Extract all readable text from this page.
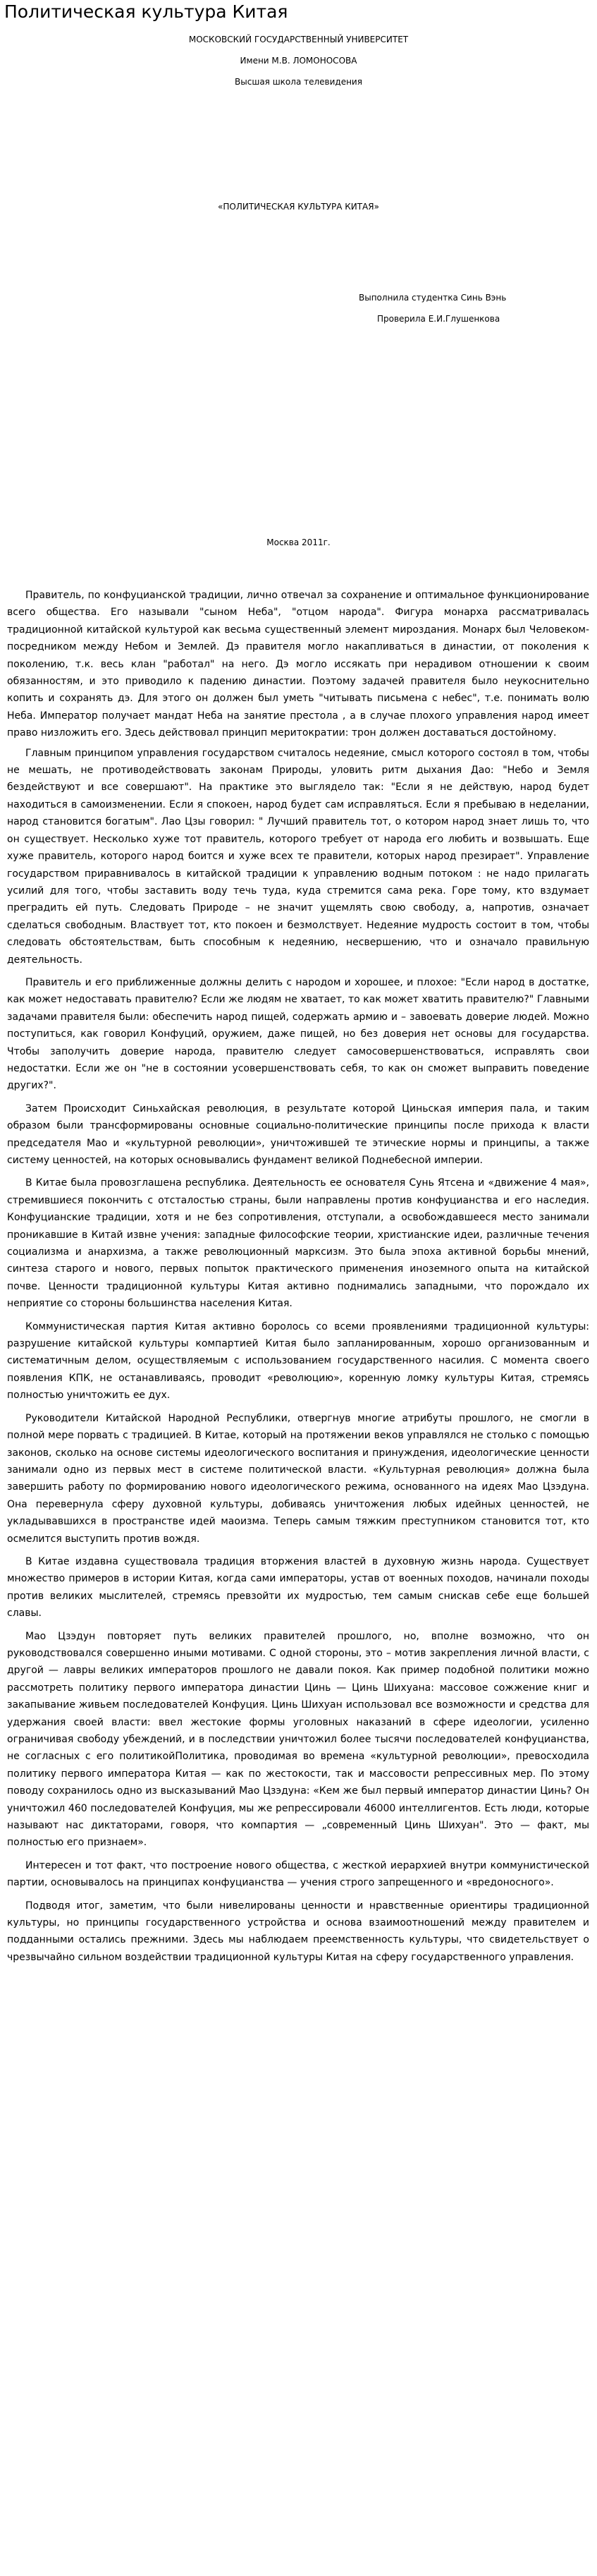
Политическая культура Китая
МОСКОВСКИЙ ГОСУДАРСТВЕННЫЙ УНИВЕРСИТЕТ
Имени М.В. ЛОМОНОСОВА
Высшая школа телевидения
«ПОЛИТИЧЕСКАЯ КУЛЬТУРА КИТАЯ»
Выполнила студентка Синь Вэнь
Проверила Е.И.Глушенкова
Москва 2011г.

Правитель, по конфуцианской традиции, лично отвечал за сохранение и оптимальное функционирование всего общества. Его называли "сыном Неба", "отцом народа". Фигура монарха рассматривалась традиционной китайской культурой как весьма существенный элемент мироздания. Монарх был Человеком-посредником между Небом и Землей. Дэ правителя могло накапливаться в династии, от поколения к поколению, т.к. весь клан "работал" на него. Дэ могло иссякать при нерадивом отношении к своим обязанностям, и это приводило к падению династии. Поэтому задачей правителя было неукоснительно копить и сохранять дэ. Для этого он должен был уметь "читывать письмена с небес", т.е. понимать волю Неба. Император получает мандат Неба на занятие престола , а в случае плохого управления народ имеет право низложить его. Здесь действовал принцип меритократии: трон должен доставаться достойному.

Главным принципом управления государством считалось недеяние, смысл которого состоял в том, чтобы не мешать, не противодействовать законам Природы, уловить ритм дыхания Дао: "Небо и Земля бездействуют и все совершают". На практике это выглядело так: "Если я не действую, народ будет находиться в самоизменении. Если я спокоен, народ будет сам исправляться. Если я пребываю в неделании, народ становится богатым". Лао Цзы говорил: " Лучший правитель тот, о котором народ знает лишь то, что он существует. Несколько хуже тот правитель, которого требует от народа его любить и возвышать. Еще хуже правитель, которого народ боится и хуже всех те правители, которых народ презирает". Управление государством приравнивалось в китайской традиции к управлению водным потоком : не надо прилагать усилий для того, чтобы заставить воду течь туда, куда стремится сама река. Горе тому, кто вздумает преградить ей путь. Следовать Природе – не значит ущемлять свою свободу, а, напротив, означает сделаться свободным. Властвует тот, кто покоен и безмолствует. Недеяние мудрость состоит в том, чтобы следовать обстоятельствам, быть способным к недеянию, несвершению, что и означало правильную деятельность.

Правитель и его приближенные должны делить с народом и хорошее, и плохое: "Если народ в достатке, как может недоставать правителю? Если же людям не хватает, то как может хватить правителю?" Главными задачами правителя были: обеспечить народ пищей, содержать армию и – завоевать доверие людей. Можно поступиться, как говорил Конфуций, оружием, даже пищей, но без доверия нет основы для государства. Чтобы заполучить доверие народа, правителю следует самосовершенствоваться, исправлять свои недостатки. Если же он "не в состоянии усовершенствовать себя, то как он сможет выправить поведение других?".

Затем Происходит Синьхайская революция, в результате которой Циньская империя пала, и таким образом были трансформированы основные социально-политические принципы после прихода к власти председателя Мао и «культурной революции», уничтожившей те этические нормы и принципы, а также систему ценностей, на которых основывались фундамент великой Поднебесной империи.

В Китае была провозглашена республика. Деятельность ее основателя Сунь Ятсена и «движение 4 мая», стремившиеся покончить с отсталостью страны, были направлены против конфуцианства и его наследия. Конфуцианские традиции, хотя и не без сопротивления, отступали, а освобождавшееся место занимали проникавшие в Китай извне учения: западные философские теории, христианские идеи, различные течения социализма и анархизма, а также революционный марксизм. Это была эпоха активной борьбы мнений, синтеза старого и нового, первых попыток практического применения иноземного опыта на китайской почве. Ценности традиционной культуры Китая активно поднимались западными, что порождало их неприятие со стороны большинства населения Китая.

Коммунистическая партия Китая активно боролось со всеми проявлениями традиционной культуры: разрушение китайской культуры компартией Китая было запланированным, хорошо организованным и систематичным делом, осуществляемым с использованием государственного насилия. С момента своего появления КПК, не останавливаясь, проводит «революцию», коренную ломку культуры Китая, стремясь полностью уничтожить ее дух.

Руководители Китайской Народной Республики, отвергнув многие атрибуты прошлого, не смогли в полной мере порвать с традицией. В Китае, который на протяжении веков управлялся не столько с помощью законов, сколько на основе системы идеологического воспитания и принуждения, идеологические ценности занимали одно из первых мест в системе политической власти. «Культурная революция» должна была завершить работу по формированию нового идеологического режима, основанного на идеях Мао Цзэдуна. Она перевернула сферу духовной культуры, добиваясь уничтожения любых идейных ценностей, не укладывавшихся в пространстве идей маоизма. Теперь самым тяжким преступником становится тот, кто осмелится выступить против вождя.

В Китае издавна существовала традиция вторжения властей в духовную жизнь народа. Существует множество примеров в истории Китая, когда сами императоры, устав от военных походов, начинали походы против великих мыслителей, стремясь превзойти их мудростью, тем самым снискав себе еще большей славы.

Мао Цзэдун повторяет путь великих правителей прошлого, но, вполне возможно, что он руководствовался совершенно иными мотивами. С одной стороны, это – мотив закрепления личной власти, с другой — лавры великих императоров прошлого не давали покоя. Как пример подобной политики можно рассмотреть политику первого императора династии Цинь — Цинь Шихуана: массовое сожжение книг и закапывание живьем последователей Конфуция. Цинь Шихуан использовал все возможности и средства для удержания своей власти: ввел жестокие формы уголовных наказаний в сфере идеологии, усиленно ограничивая свободу убеждений, и в последствии уничтожил более тысячи последователей конфуцианства, не согласных с его политикойПолитика, проводимая во времена «культурной революции», превосходила политику первого императора Китая — как по жестокости, так и массовости репрессивных мер. По этому поводу сохранилось одно из высказываний Мао Цзэдуна: «Кем же был первый император династии Цинь? Он уничтожил 460 последователей Конфуция, мы же репрессировали 46000 интеллигентов. Есть люди, которые называют нас диктаторами, говоря, что компартия — „современный Цинь Шихуан". Это — факт, мы полностью его признаем».

Интересен и тот факт, что построение нового общества, с жесткой иерархией внутри коммунистической партии, основывалось на принципах конфуцианства — учения строго запрещенного и «вредоносного».

Подводя итог, заметим, что были нивелированы ценности и нравственные ориентиры традиционной культуры, но принципы государственного устройства и основа взаимоотношений между правителем и подданными остались прежними. Здесь мы наблюдаем преемственность культуры, что свидетельствует о чрезвычайно сильном воздействии традиционной культуры Китая на сферу государственного управления.
